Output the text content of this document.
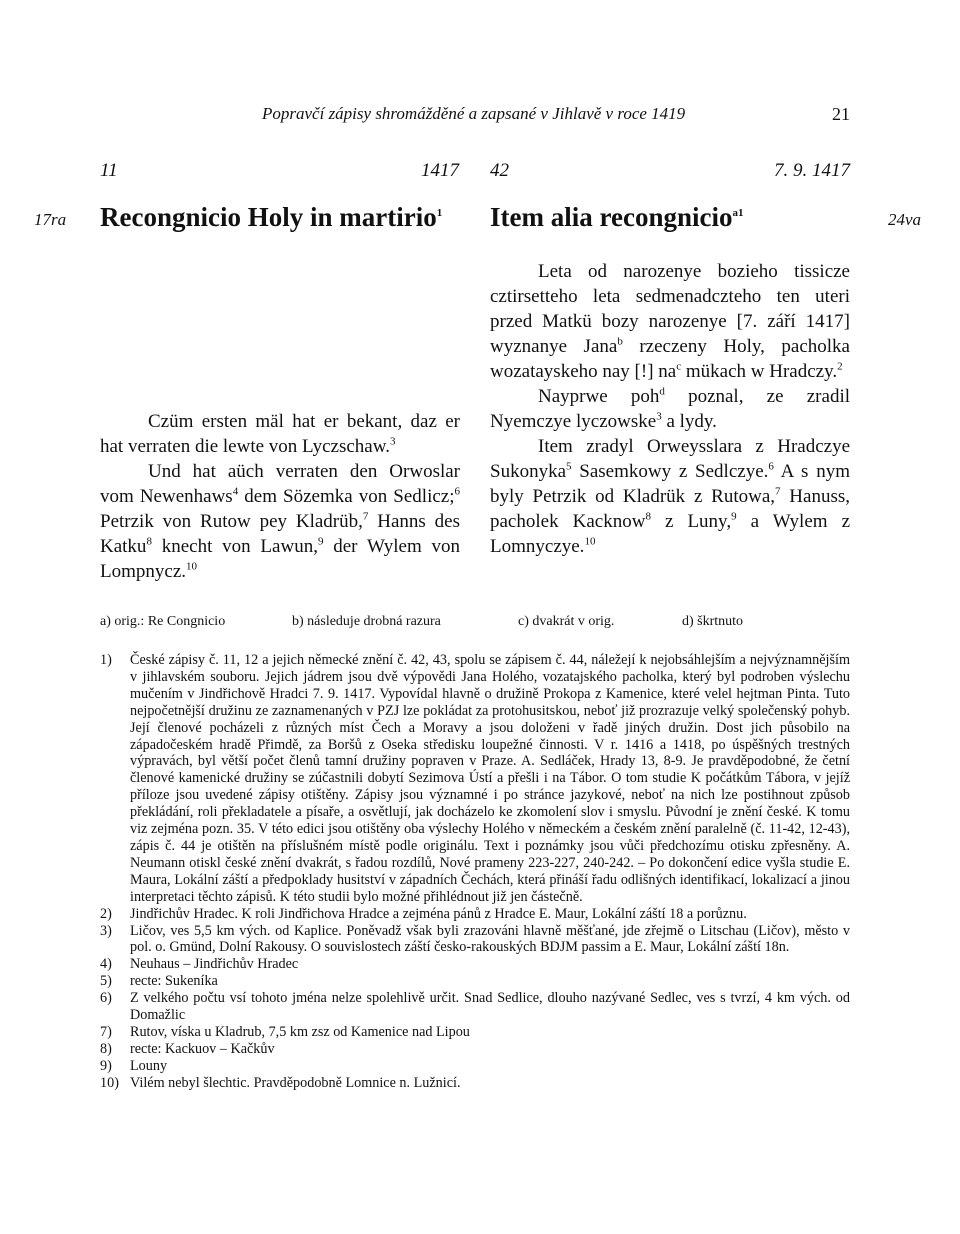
Popravčí zápisy shromážděné a zapsané v Jihlavě v roce 1419	21
11	1417 42	7. 9. 1417
17ra	24va
Recongnicio Holy in martirio$^1$ Item alia recongnicio$^{a1}$

Czüm ersten mäl hat er bekant, daz er hat verraten die lewte von Lyczschaw.$^3$

Und hat aüch verraten den Orwoslar vom Newenhaws$^4$ dem Sözemka von Sedlicz;$^6$ Petrzik von Rutow pey Kladrüb,$^7$ Hanns des Katku$^8$ knecht von Lawun,$^9$ der Wylem von Lompnycz.$^{10}$

Leta od narozenye bozieho tissicze cztirsetteho leta sedmenadczteho ten uteri przed Matkü bozy narozenye [7. září 1417] wyznanye Jana$^b$ rzeczeny Holy, pacholka wozatayskeho nay [!] $na^c$ mükach w Hradczy.$^2$

Nayprwe poh$^d$ poznal, ze zradil Nyemczye lyczowske$^3$ a lydy.

Item zradyl Orweysslara z Hradczye Sukonyka$^5$ Sasemkowy z Sedlczye.$^6$ A s nym byly Petrzik od Kladrük z Rutowa,$^7$ Hanuss, pacholek Kacknow$^8$ z Luny,$^9$ a Wylem z Lomnyczye.$^{10}$

a) orig.: Re Congnicio	b) následuje drobná razura	c) dvakrát v orig.	d) škrtnuto
1)	České zápisy č. 11, 12 a jejich německé znění č. 42, 43, spolu se zápisem č. 44, náležejí k nejobsáhlejším a nejvýznamnějším v jihlavském souboru. Jejich jádrem jsou dvě výpovědi Jana Holého, vozatajského pacholka, který byl podroben výslechu mučením v Jindřichově Hradci 7. 9. 1417. Vypovídal hlavně o družině Prokopa z Kamenice, které velel hejtman Pinta. Tuto nejpočetnější družinu ze zaznamenaných v PZJ lze pokládat za protohusitskou, neboť již prozrazuje velký společenský pohyb. Její členové pocházeli z různých míst Čech a Moravy a jsou doloženi v řadě jiných družin. Dost jich působilo na západočeském hradě Přimdě, za Boršů z Oseka středisku loupežné činnosti. V r. 1416 a 1418, po úspěšných trestných výpravách, byl větší počet členů tamní družiny popraven v Praze. A. Sedláček, Hrady 13, 8-9. Je pravděpodobné, že četní členové kamenické družiny se zúčastnili dobytí Sezimova Ústí a přešli i na Tábor. O tom studie K počátkům Tábora, v jejíž příloze jsou uvedené zápisy otištěny. Zápisy jsou významné i po stránce jazykové, neboť na nich lze postihnout způsob překládání, roli překladatele a písaře, a osvětlují, jak docházelo ke zkomolení slov i smyslu. Původní je znění české. K tomu viz zejména pozn. 35. V této edici jsou otištěny oba výslechy Holého v německém a českém znění paralelně (č. 11-42, 12-43), zápis č. 44 je otištěn na příslušném místě podle originálu. Text i poznámky jsou vůči předchozímu otisku zpřesněny. A. Neumann otiskl české znění dvakrát, s řadou rozdílů, Nové prameny 223-227, 240-242. – Po dokončení edice vyšla studie E. Maura, Lokální záští a předpoklady husitství v západních Čechách, která přináší řadu odlišných identifikací, lokalizací a jinou interpretaci těchto zápisů. K této studii bylo možné přihlédnout již jen částečně.
2)	Jindřichův Hradec. K roli Jindřichova Hradce a zejména pánů z Hradce E. Maur, Lokální záští 18 a porůznu.
3)	Ličov, ves 5,5 km vých. od Kaplice. Poněvadž však byli zrazováni hlavně měšťané, jde zřejmě o Litschau (Ličov), město v pol. o. Gmünd, Dolní Rakousy. O souvislostech záští česko-rakouských BDJM passim a E. Maur, Lokální záští 18n.
4)	Neuhaus – Jindřichův Hradec
5)	recte: Sukeníka
6)	Z velkého počtu vsí tohoto jména nelze spolehlivě určit. Snad Sedlice, dlouho nazývané Sedlec, ves s tvrzí, 4 km vých. od Domažlic
7)	Rutov, víska u Kladrub, 7,5 km zsz od Kamenice nad Lipou
8)	recte: Kackuov – Kačkův
9)	Louny
10) Vilém nebyl šlechtic. Pravděpodobně Lomnice n. Lužnicí.
